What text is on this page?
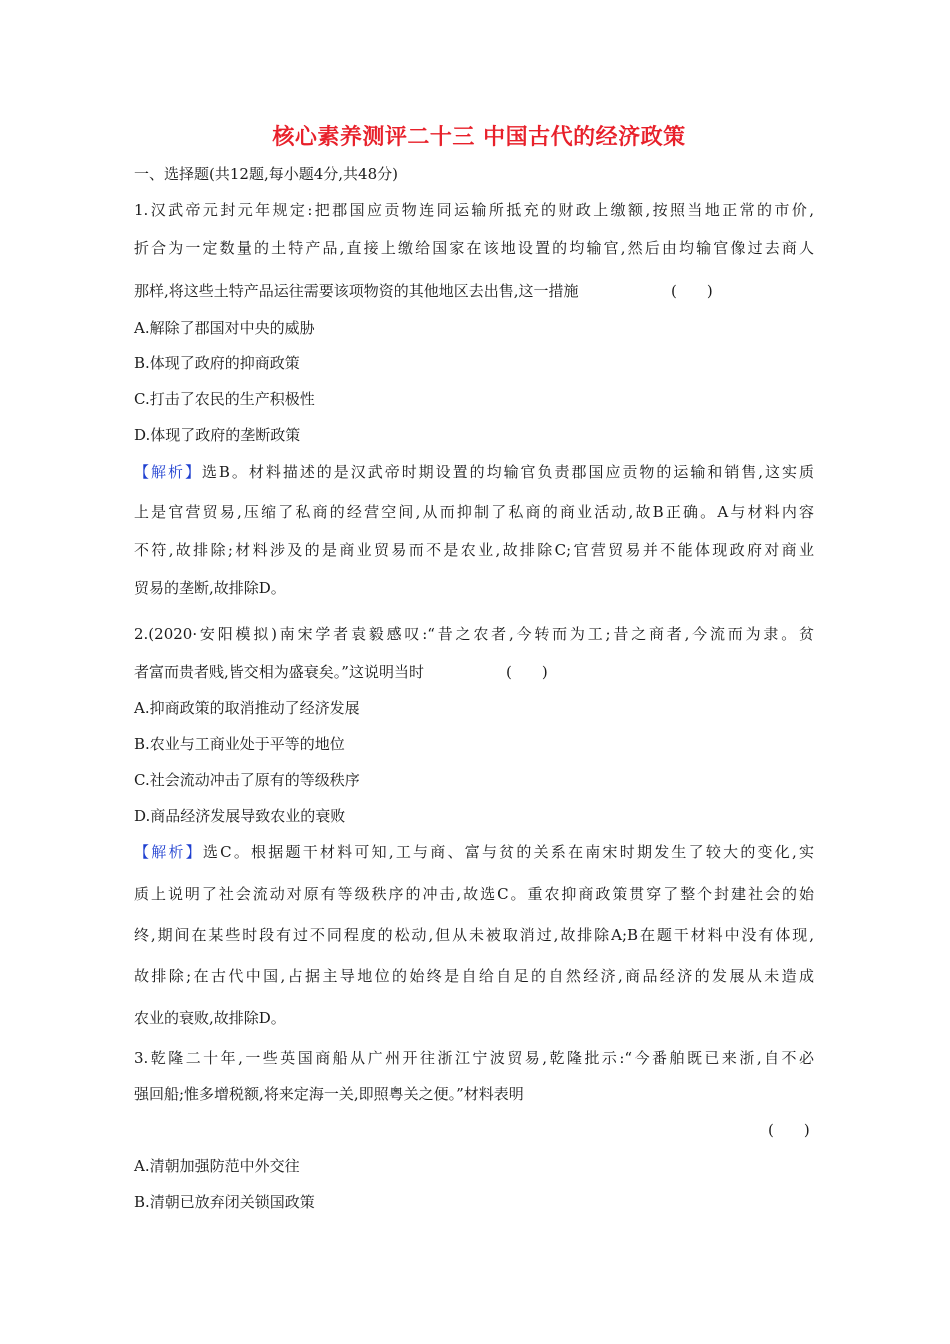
核心素养测评二十三 中国古代的经济政策
一、选择题(共12题,每小题4分,共48分)
1.汉武帝元封元年规定:把郡国应贡物连同运输所抵充的财政上缴额,按照当地正常的市价,
折合为一定数量的土特产品,直接上缴给国家在该地设置的均输官,然后由均输官像过去商人
那样,将这些土特产品运往需要该项物资的其他地区去出售,这一措施	(　　)
A.解除了郡国对中央的威胁
B.体现了政府的抑商政策
C.打击了农民的生产积极性
D.体现了政府的垄断政策
【解析】选B。材料描述的是汉武帝时期设置的均输官负责郡国应贡物的运输和销售,这实质
上是官营贸易,压缩了私商的经营空间,从而抑制了私商的商业活动,故B正确。A与材料内容
不符,故排除;材料涉及的是商业贸易而不是农业,故排除C;官营贸易并不能体现政府对商业
贸易的垄断,故排除D。
2.(2020·安阳模拟)南宋学者袁毅感叹:“昔之农者,今转而为工;昔之商者,今流而为隶。贫
者富而贵者贱,皆交相为盛衰矣。”这说明当时	(　　)
A.抑商政策的取消推动了经济发展
B.农业与工商业处于平等的地位
C.社会流动冲击了原有的等级秩序
D.商品经济发展导致农业的衰败
【解析】选C。根据题干材料可知,工与商、富与贫的关系在南宋时期发生了较大的变化,实
质上说明了社会流动对原有等级秩序的冲击,故选C。重农抑商政策贯穿了整个封建社会的始
终,期间在某些时段有过不同程度的松动,但从未被取消过,故排除A;B在题干材料中没有体现,
故排除;在古代中国,占据主导地位的始终是自给自足的自然经济,商品经济的发展从未造成
农业的衰败,故排除D。
3.乾隆二十年,一些英国商船从广州开往浙江宁波贸易,乾隆批示:“今番舶既已来浙,自不必
强回船;惟多增税额,将来定海一关,即照粤关之便。”材料表明
(　　)
A.清朝加强防范中外交往
B.清朝已放弃闭关锁国政策
